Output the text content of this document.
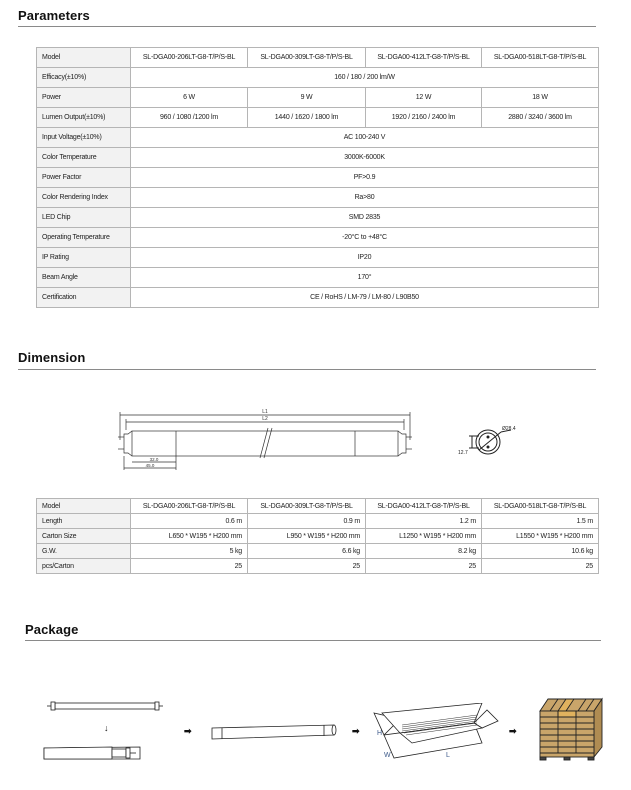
Parameters
Model	SL-DGA00-206LT-G8-T/P/S-BL	SL-DGA00-309LT-G8-T/P/S-BL	SL-DGA00-412LT-G8-T/P/S-BL	SL-DGA00-518LT-G8-T/P/S-BL
Efficacy(±10%)	160 / 180 / 200 lm/W			
Power	6 W	9 W	12 W	18 W
Lumen Output(±10%)	960 / 1080 /1200 lm	1440 / 1620 / 1800 lm	1920 / 2160 / 2400 lm	2880 / 3240 / 3600 lm
Input Voltage(±10%)	AC 100-240 V			
Color Temperature	3000K-6000K			
Power Factor	PF>0.9			
Color Rendering Index	Ra>80			
LED Chip	SMD 2835			
Operating Temperature	-20°C to +48°C			
IP Rating	IP20			
Beam Angle	170°			
Certification	CE / RoHS / LM-79 / LM-80 / L90B50			
Dimension
L1
L2
32.0
45.0
Ø28.4
12.7
Model	SL-DGA00-206LT-G8-T/P/S-BL	SL-DGA00-309LT-G8-T/P/S-BL	SL-DGA00-412LT-G8-T/P/S-BL	SL-DGA00-518LT-G8-T/P/S-BL
Length	0.6 m	0.9 m	1.2 m	1.5 m
Carton Size	L650 * W195 * H200 mm	L950 * W195 * H200 mm	L1250 * W195 * H200 mm	L1550 * W195 * H200 mm
G.W.	5 kg	6.6 kg	8.2 kg	10.6 kg
pcs/Carton	25	25	25	25
Package
↓	➡	➡ H
W	L
➡
